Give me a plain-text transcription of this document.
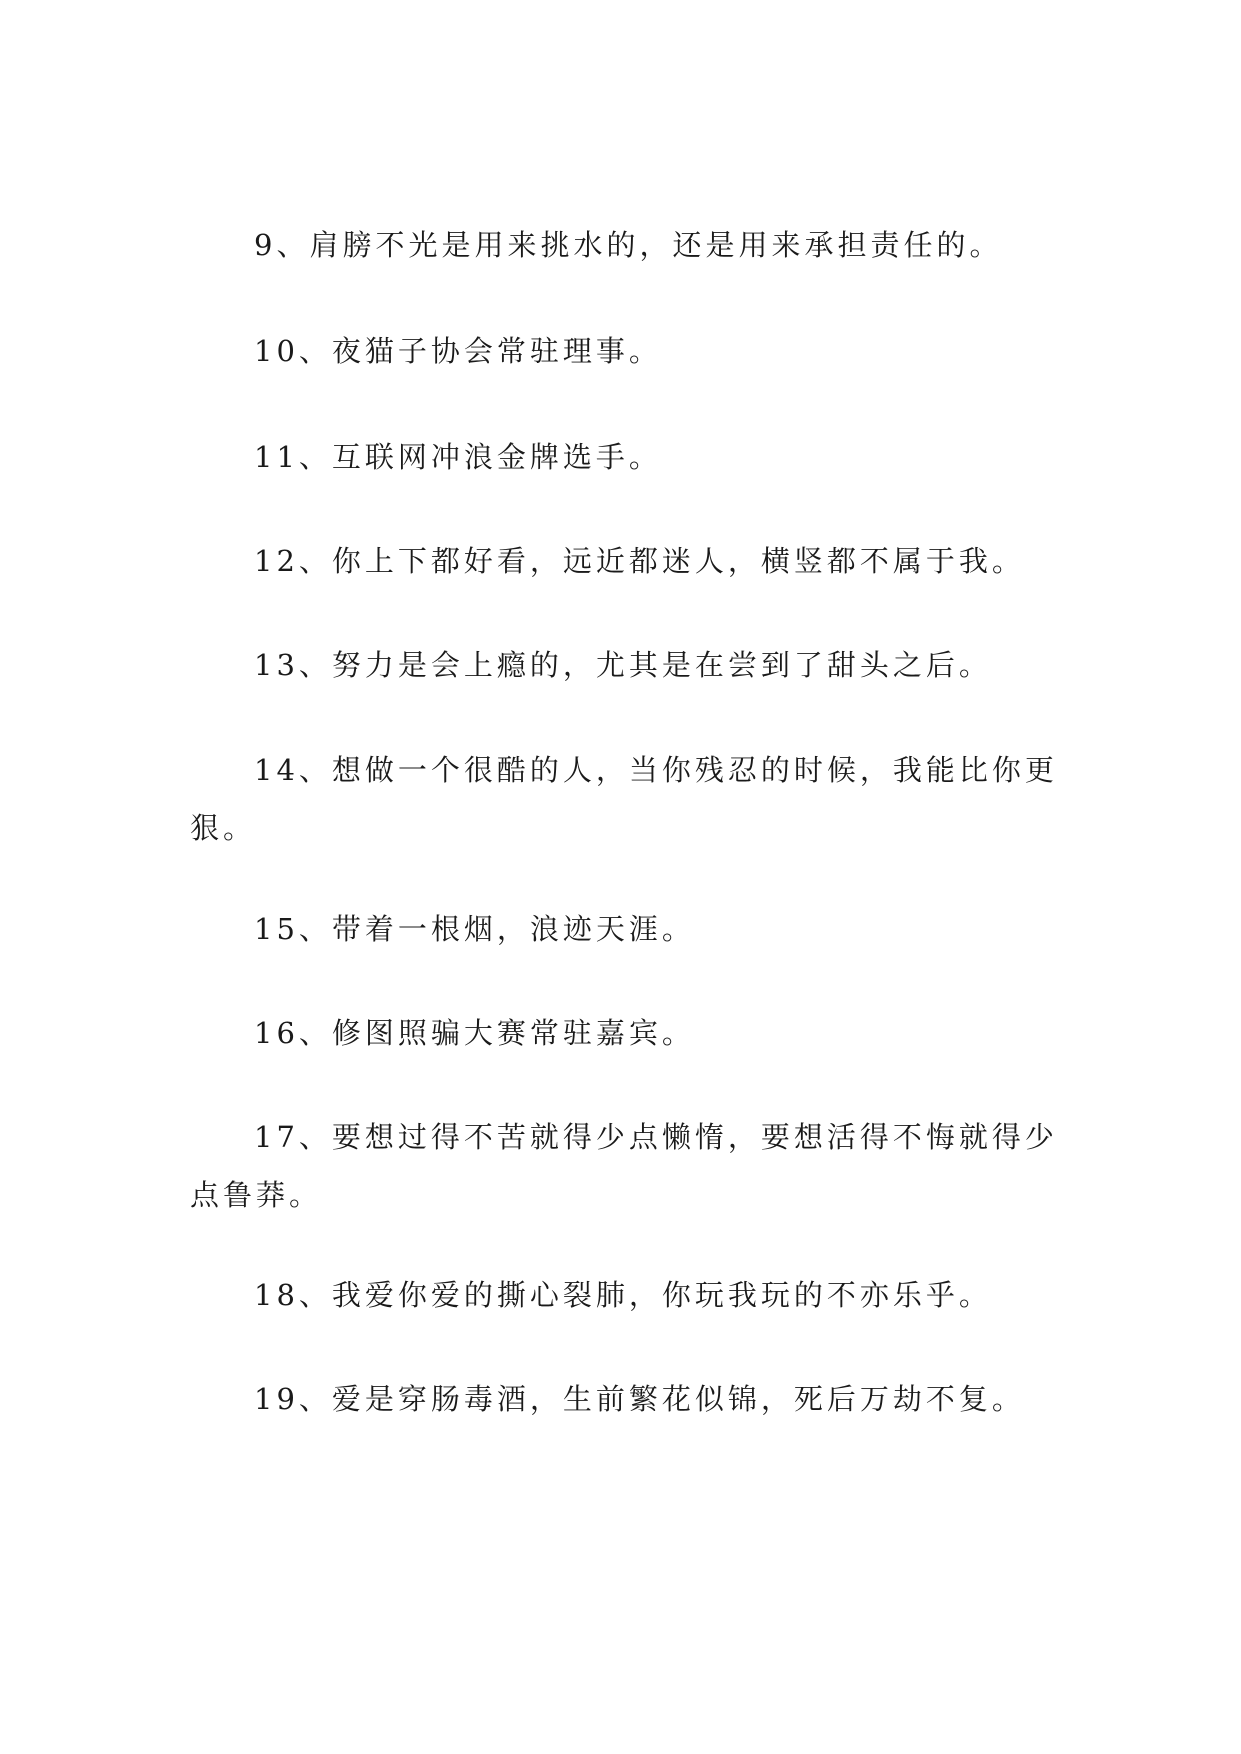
9、肩膀不光是用来挑水的，还是用来承担责任的。

10、夜猫子协会常驻理事。

11、互联网冲浪金牌选手。

12、你上下都好看，远近都迷人，横竖都不属于我。

13、努力是会上瘾的，尤其是在尝到了甜头之后。

14、想做一个很酷的人，当你残忍的时候，我能比你更狠。

15、带着一根烟，浪迹天涯。

16、修图照骗大赛常驻嘉宾。

17、要想过得不苦就得少点懒惰，要想活得不悔就得少点鲁莽。

18、我爱你爱的撕心裂肺，你玩我玩的不亦乐乎。

19、爱是穿肠毒酒，生前繁花似锦，死后万劫不复。
